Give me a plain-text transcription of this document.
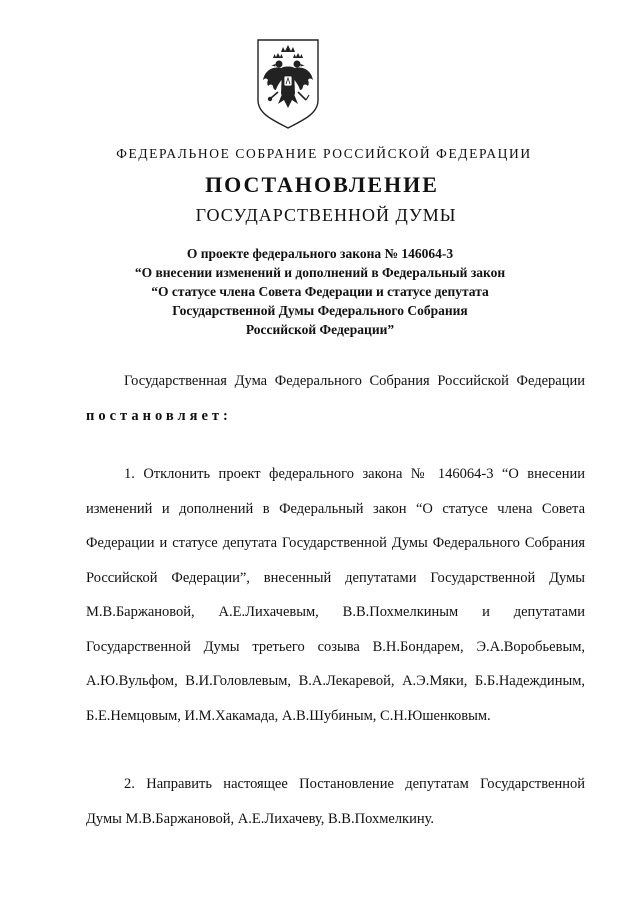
ФЕДЕРАЛЬНОЕ СОБРАНИЕ РОССИЙСКОЙ ФЕДЕРАЦИИ
ПОСТАНОВЛЕНИЕ
ГОСУДАРСТВЕННОЙ ДУМЫ
О проекте федерального закона № 146064-3
“О внесении изменений и дополнений в Федеральный закон
“О статусе члена Совета Федерации и статусе депутата
Государственной Думы Федерального Собрания
Российской Федерации”

Государственная Дума Федерального Собрания Российской Федерации постановляет:

1. Отклонить проект федерального закона № 146064-3 “О внесении изменений и дополнений в Федеральный закон “О статусе члена Совета Федерации и статусе депутата Государственной Думы Федерального Собрания Российской Федерации”, внесенный депутатами Государственной Думы М.В.Баржановой, А.Е.Лихачевым, В.В.Похмелкиным и депутатами Государственной Думы третьего созыва В.Н.Бондарем, Э.А.Воробьевым, А.Ю.Вульфом, В.И.Головлевым, В.А.Лекаревой, А.Э.Мяки, Б.Б.Надеждиным, Б.Е.Немцовым, И.М.Хакамада, А.В.Шубиным, С.Н.Юшенковым.

2. Направить настоящее Постановление депутатам Государственной Думы М.В.Баржановой, А.Е.Лихачеву, В.В.Похмелкину.
